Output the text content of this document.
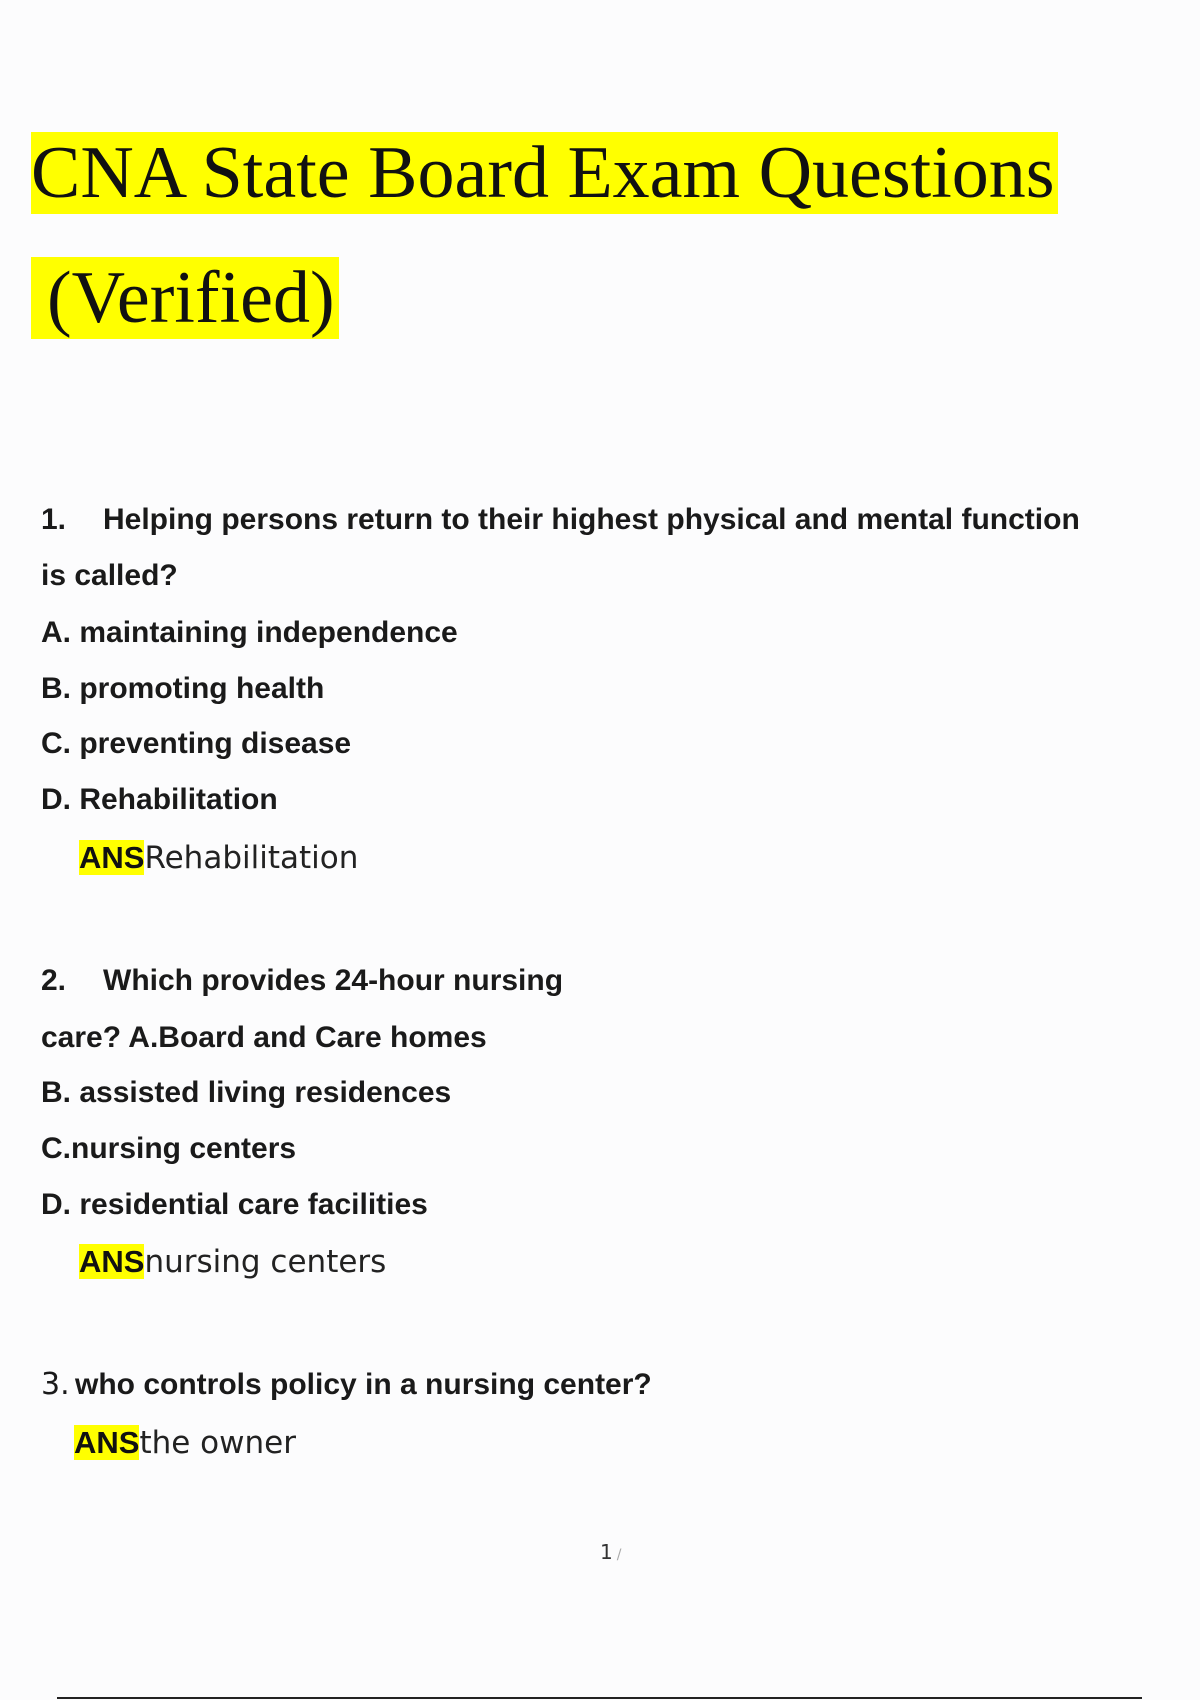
CNA State Board Exam Questions
(Verified)
1. Helping persons return to their highest physical and mental function
is called?
A. maintaining independence
B. promoting health
C. preventing disease
D. Rehabilitation
ANSRehabilitation
2. Which provides 24-hour nursing
care? A.Board and Care homes
B. assisted living residences
C.nursing centers
D. residential care facilities
ANSnursing centers
3. who controls policy in a nursing center?
ANSthe owner
1 /
